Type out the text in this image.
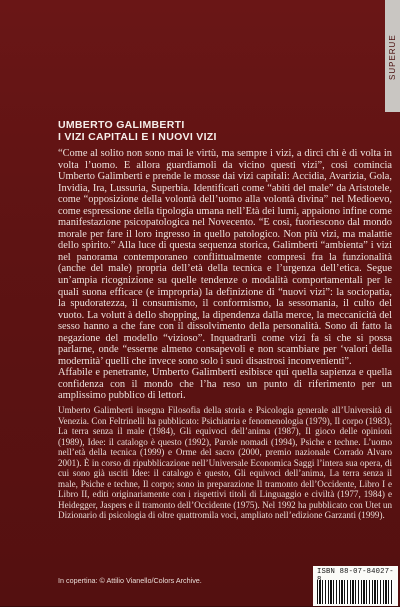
SUPERUE
UMBERTO GALIMBERTI
I VIZI CAPITALI E I NUOVI VIZI

“Come al solito non sono mai le virtù, ma sempre i vizi, a dirci chi è di volta in volta l’uomo. E allora guardiamoli da vicino questi vizi”, così comincia Umberto Galimberti e prende le mosse dai vizi capitali: Accidia, Avarizia, Gola, Invidia, Ira, Lussuria, Superbia. Identificati come “abiti del male” da Aristotele, come “opposizione della volontà dell’uomo alla volontà divina” nel Medioevo, come espressione della tipologia umana nell’Età dei lumi, appaiono infine come manifestazione psicopatologica nel Novecento. “E così, fuoriescono dal mondo morale per fare il loro ingresso in quello patologico. Non più vizi, ma malattie dello spirito.” Alla luce di questa sequenza storica, Galimberti “ambienta” i vizi nel panorama contemporaneo conflittualmente compresi fra la funzionalità (anche del male) propria dell’età della tecnica e l’urgenza dell’etica. Segue un’ampia ricognizione su quelle tendenze o modalità comportamentali per le quali suona efficace (e impropria) la definizione di “nuovi vizi”: la sociopatia, la spudoratezza, il consumismo, il conformismo, la sessomania, il culto del vuoto. La volutt à dello shopping, la dipendenza dalla merce, la meccanicità del sesso hanno a che fare con il dissolvimento della personalità. Sono di fatto la negazione del modello “vizioso”. Inquadrarli come vizi fa sì che si possa parlarne, onde “esserne almeno consapevoli e non scambiare per ‘valori della modernità’ quelli che invece sono solo i suoi disastrosi inconvenienti”.

Affabile e penetrante, Umberto Galimberti esibisce qui quella sapienza e quella confidenza con il mondo che l’ha reso un punto di riferimento per un amplissimo pubblico di lettori.

Umberto Galimberti insegna Filosofia della storia e Psicologia generale all’Università di Venezia. Con Feltrinelli ha pubblicato: Psichiatria e fenomenologia (1979), Il corpo (1983), La terra senza il male (1984), Gli equivoci dell’anima (1987), Il gioco delle opinioni (1989), Idee: il catalogo è questo (1992), Parole nomadi (1994), Psiche e techne. L’uomo nell’età della tecnica (1999) e Orme del sacro (2000, premio nazionale Corrado Alvaro 2001). È in corso di ripubblicazione nell’Universale Economica Saggi l’intera sua opera, di cui sono già usciti Idee: il catalogo è questo, Gli equivoci dell’anima, La terra senza il male, Psiche e techne, Il corpo; sono in preparazione Il tramonto dell’Occidente, Libro I e Libro II, editi originariamente con i rispettivi titoli di Linguaggio e civiltà (1977, 1984) e Heidegger, Jaspers e il tramonto dell’Occidente (1975). Nel 1992 ha pubblicato con Utet un Dizionario di psicologia di oltre quattromila voci, ampliato nell’edizione Garzanti (1999).
In copertina: © Attilio Vianello/Colors Archive.
ISBN 88-07-84027-
